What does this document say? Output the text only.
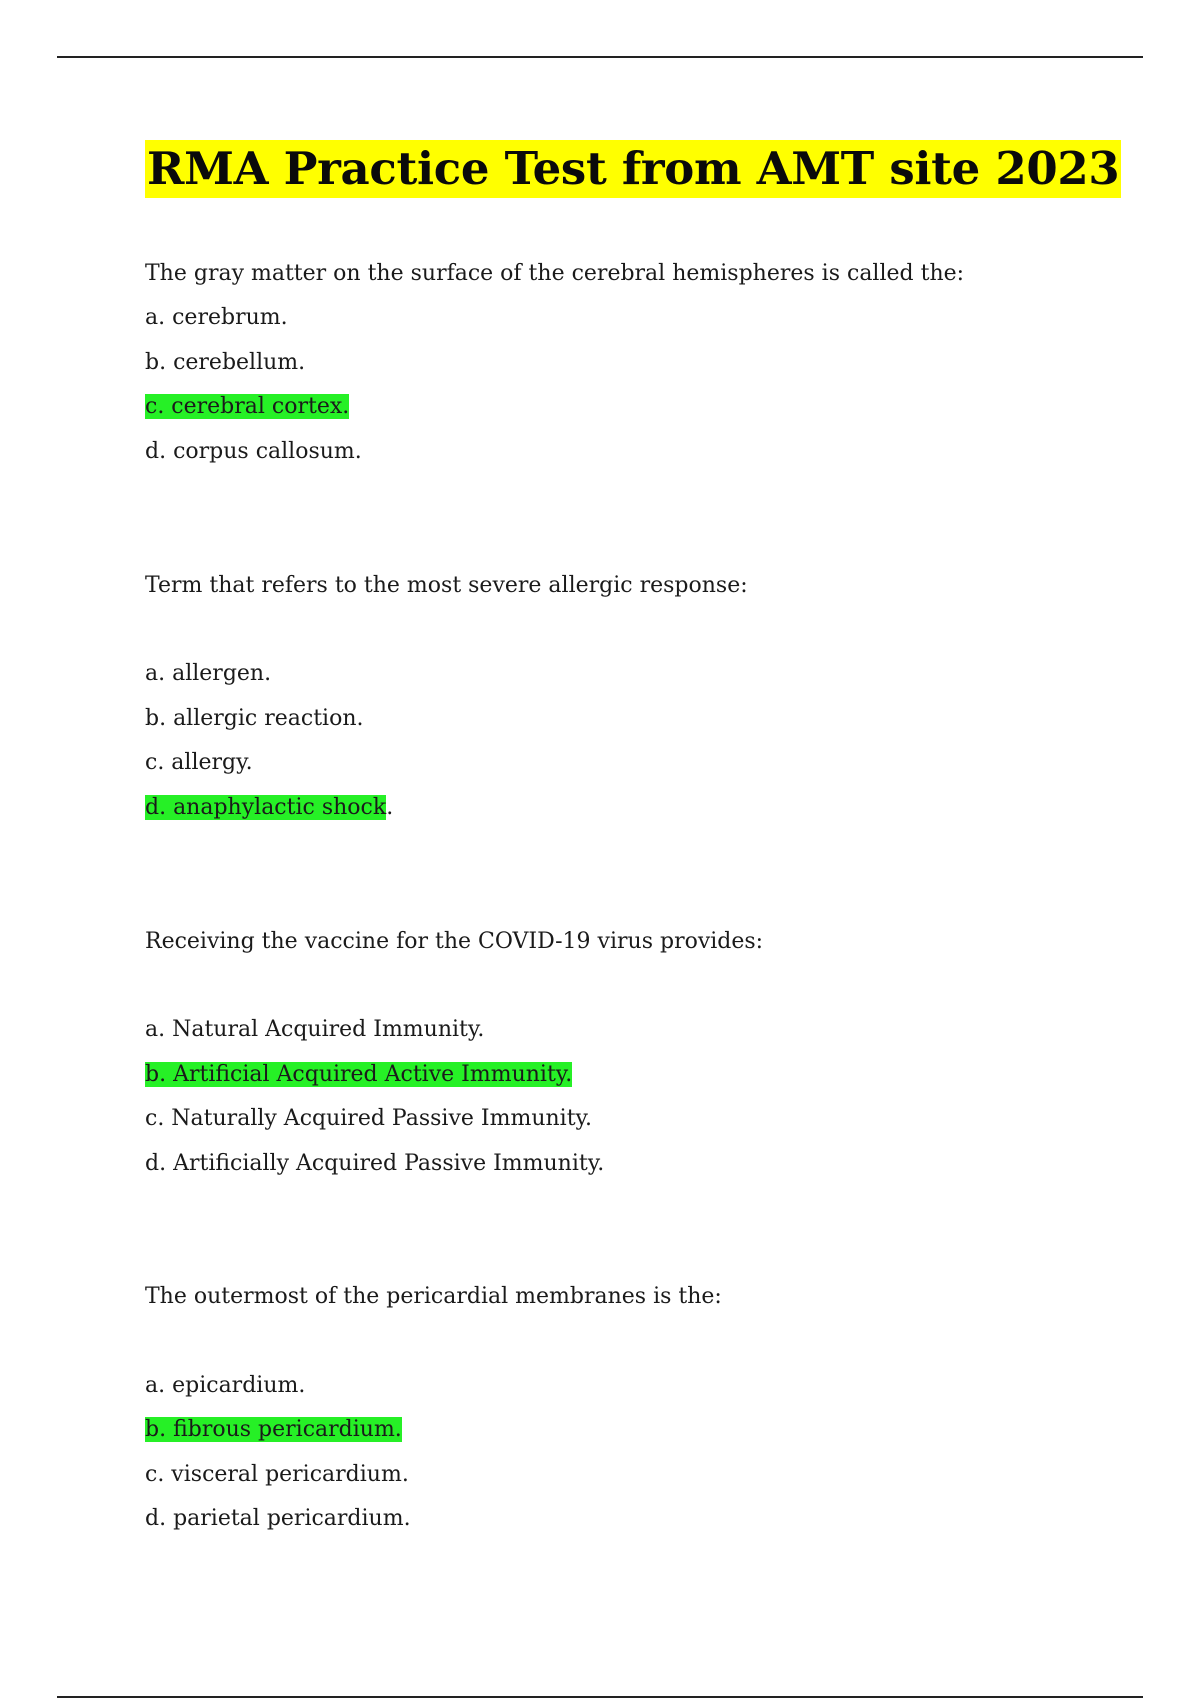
RMA Practice Test from AMT site 2023
The gray matter on the surface of the cerebral hemispheres is called the:
a. cerebrum.
b. cerebellum.
c. cerebral cortex.
d. corpus callosum.
Term that refers to the most severe allergic response:
a. allergen.
b. allergic reaction.
c. allergy.
d. anaphylactic shock.
Receiving the vaccine for the COVID-19 virus provides:
a. Natural Acquired Immunity.
b. Artificial Acquired Active Immunity.
c. Naturally Acquired Passive Immunity.
d. Artificially Acquired Passive Immunity.
The outermost of the pericardial membranes is the:
a. epicardium.
b. fibrous pericardium.
c. visceral pericardium.
d. parietal pericardium.
